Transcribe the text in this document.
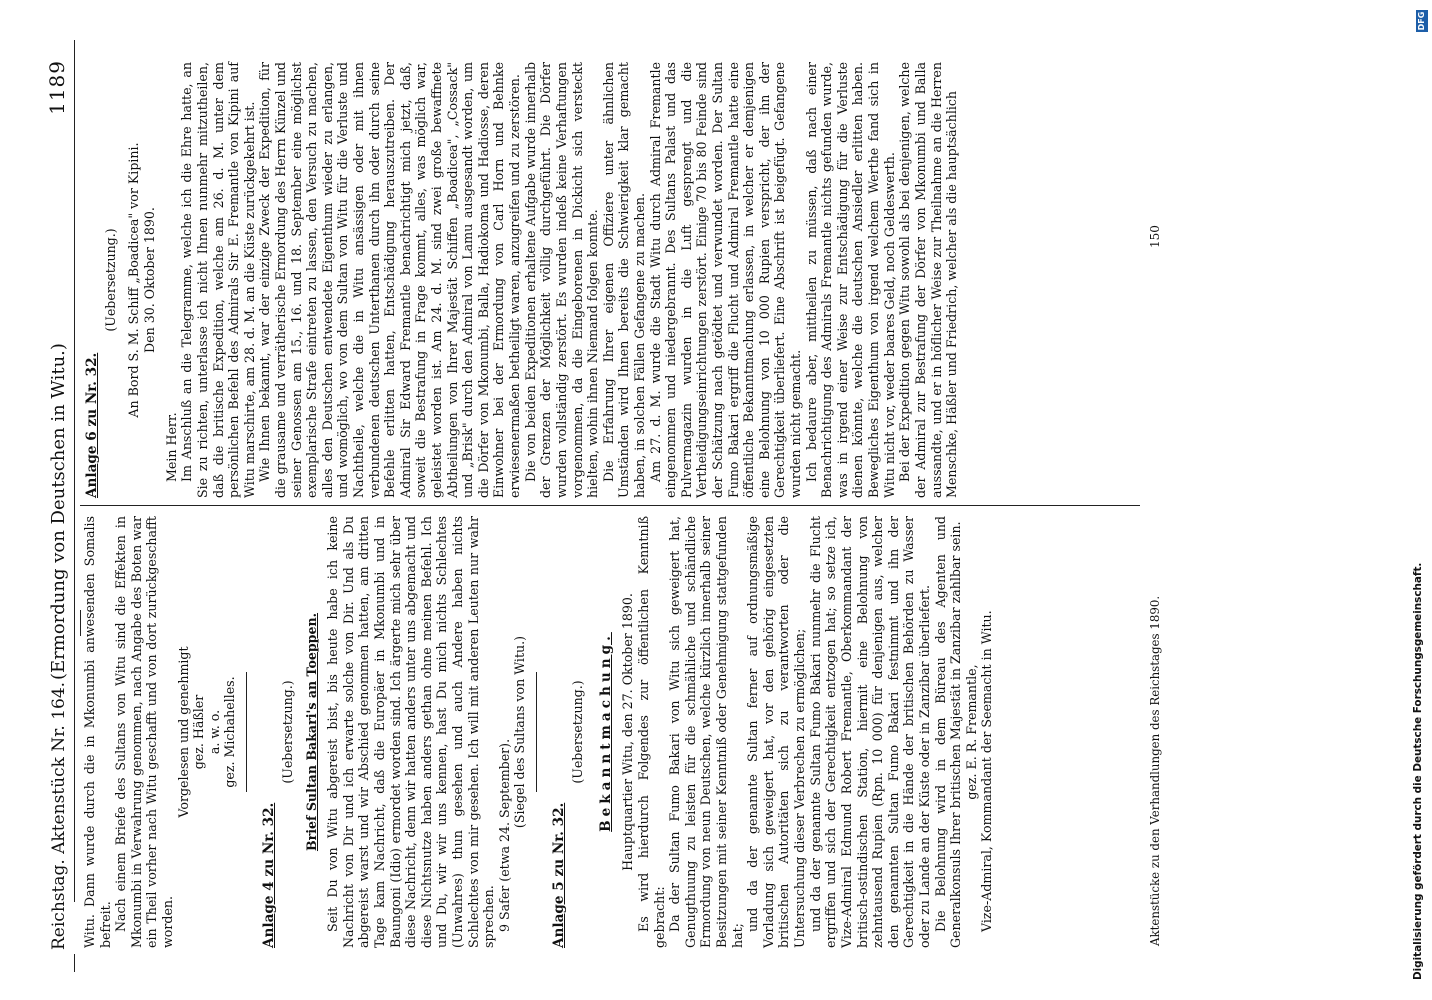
Reichstag. Aktenstück Nr. 164.
(Ermordung von Deutschen in Witu.)
1189

Witu. Dann wurde durch die in Mkonumbi anwesenden Somalis befreit. Nach einem Briefe des Sultans von Witu sind die Effekten in Mkonumbi in Verwahrung genommen, nach Angabe des Boten war ein Theil vorher nach Witu geschafft und von dort zurückgeschafft worden.

Vorgelesen und genehmigt gez. Häßler a. w. o. gez. Michahelles.

Anlage 4 zu Nr. 32.

(Uebersetzung.) Brief Sultan Bakari's an Toeppen. Seit Du von Witu abgereist bist, bis heute habe ich keine Nachricht von Dir und ich erwarte solche von Dir. Und als Du abgereist warst und wir Abschied genommen hatten, am dritten Tage kam Nachricht, daß die Europäer in Mkonumbi und in Baungoni (Idio) ermordet worden sind. Ich ärgerte mich sehr über diese Nachricht, denn wir hatten anders unter uns abgemacht und diese Nichtsnutze haben anders gethan ohne meinen Befehl. Ich und Du, wir wir uns kennen, hast Du mich nichts Schlechtes (Unwahres) thun gesehen und auch Andere haben nichts Schlechtes von mir gesehen. Ich will mit anderen Leuten nur wahr sprechen. 9 Safer (etwa 24. September).

(Siegel des Sultans von Witu.)

Anlage 5 zu Nr. 32.

(Uebersetzung.) Bekanntmachung. Hauptquartier Witu, den 27. Oktober 1890. Es wird hierdurch Folgendes zur öffentlichen Kenntniß gebracht: Da der Sultan Fumo Bakari von Witu sich geweigert hat, Genugthuung zu leisten für die schmähliche und schändliche Ermordung von neun Deutschen, welche kürzlich innerhalb seiner Besitzungen mit seiner Kenntniß oder Genehmigung stattgefunden hat;

und da der genannte Sultan ferner auf ordnungsmäßige Vorladung sich geweigert hat, vor den gehörig eingesetzten britischen Autoritäten sich zu verantworten oder die Untersuchung dieser Verbrechen zu ermöglichen; und da der genannte Sultan Fumo Bakari nunmehr die Flucht ergriffen und sich der Gerechtigkeit entzogen hat; so setze ich, Vize-Admiral Edmund Robert Fremantle, Oberkommandant der britisch-ostindischen Station, hiermit eine Belohnung von zehntausend Rupien (Rpn. 10 000) für denjenigen aus, welcher den genannten Sultan Fumo Bakari festnimmt und ihn der Gerechtigkeit in die Hände der britischen Behörden zu Wasser oder zu Lande an der Küste oder in Zanzibar überliefert. Die Belohnung wird in dem Büreau des Agenten und Generalkonsuls Ihrer britischen Majestät in Zanzibar zahlbar sein. gez. E. R. Fremantle, Vize-Admiral, Kommandant der Seemacht in Witu.

Anlage 6 zu Nr. 32.

(Uebersetzung.) An Bord S. M. Schiff „Boadicea" vor Kipini. Den 30. Oktober 1890.

Mein Herr. Im Anschluß an die Telegramme, welche ich die Ehre hatte, an Sie zu richten, unterlasse ich nicht Ihnen nunmehr mitzutheilen, daß die britische Expedition, welche am 26. d. M. unter dem persönlichen Befehl des Admirals Sir E. Fremantle von Kipini auf Witu marschirte, am 28. d. M. an die Küste zurückgekehrt ist. Wie Ihnen bekannt, war der einzige Zweck der Expedition, für die grausame und verrätherische Ermordung des Herrn Künzel und seiner Genossen am 15., 16. und 18. September eine möglichst exemplarische Strafe eintreten zu lassen, den Versuch zu machen, alles den Deutschen entwendete Eigenthum wieder zu erlangen, und womöglich, wo von dem Sultan von Witu für die Verluste und Nachtheile, welche die in Witu ansässigen oder mit ihnen verbundenen deutschen Unterthanen durch ihn oder durch seine Befehle erlitten hatten, Entschädigung herauszutreiben. Der Admiral Sir Edward Fremantle benachrichtigt mich jetzt, daß, soweit die Bestrafung in Frage kommt, alles, was möglich war, geleistet worden ist. Am 24. d. M. sind zwei große bewaffnete Abtheilungen von Ihrer Majestät Schiffen „Boadicea", „Cossack" und „Brisk" durch den Admiral von Lamu ausgesandt worden, um die Dörfer von Mkonumbi, Balla, Hadiokoma und Hadiosse, deren Einwohner bei der Ermordung von Carl Horn und Behnke erwiesenermaßen betheiligt waren, anzugreifen und zu zerstören. Die von beiden Expeditionen erhaltene Aufgabe wurde innerhalb der Grenzen der Möglichkeit völlig durchgeführt. Die Dörfer wurden vollständig zerstört. Es wurden indeß keine Verhaftungen vorgenommen, da die Eingeborenen in Dickicht sich versteckt hielten, wohin ihnen Niemand folgen konnte. Die Erfahrung Ihrer eigenen Offiziere unter ähnlichen Umständen wird Ihnen bereits die Schwierigkeit klar gemacht haben, in solchen Fällen Gefangene zu machen. Am 27. d. M. wurde die Stadt Witu durch Admiral Fremantle eingenommen und niedergebrannt. Des Sultans Palast und das Pulvermagazin wurden in die Luft gesprengt und die Vertheidigungseinrichtungen zerstört. Einige 70 bis 80 Feinde sind der Schätzung nach getödtet und verwundet worden. Der Sultan Fumo Bakari ergriff die Flucht und Admiral Fremantle hatte eine öffentliche Bekanntmachung erlassen, in welcher er demjenigen eine Belohnung von 10 000 Rupien verspricht, der ihn der Gerechtigkeit überliefert. Eine Abschrift ist beigefügt. Gefangene wurden nicht gemacht. Ich bedaure aber, mittheilen zu müssen, daß nach einer Benachrichtigung des Admirals Fremantle nichts gefunden wurde, was in irgend einer Weise zur Entschädigung für die Verluste dienen könnte, welche die deutschen Ansiedler erlitten haben. Bewegliches Eigenthum von irgend welchem Werthe fand sich in Witu nicht vor, weder baares Geld, noch Geldeswerth. Bei der Expedition gegen Witu sowohl als bei denjenigen, welche der Admiral zur Bestrafung der Dörfer von Mkonumbi und Balla aussandte, und er in höflicher Weise zur Theilnahme an die Herren Menschke, Häßler und Friedrich, welcher als die hauptsächlich

Aktenstücke zu den Verhandlungen des Reichstages 1890.
150
Digitalisierung gefördert durch die Deutsche Forschungsgemeinschaft.
DFG
